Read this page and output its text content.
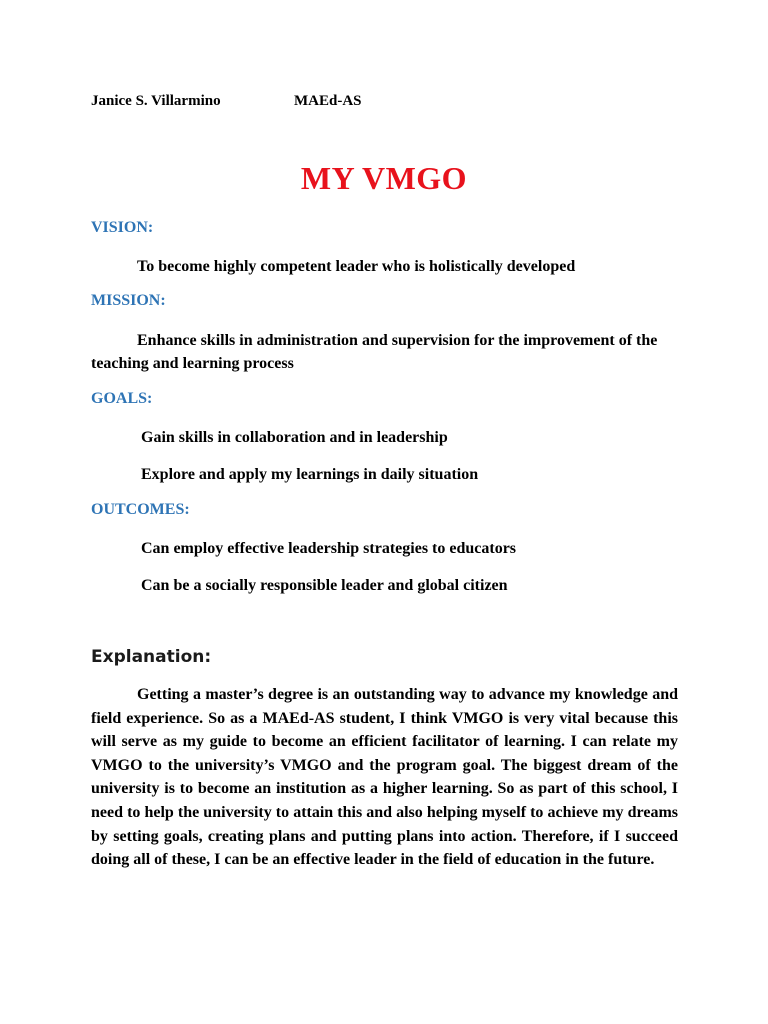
Janice S. Villarmino	MAEd-AS
MY VMGO
VISION:
To become highly competent leader who is holistically developed
MISSION:
Enhance skills in administration and supervision for the improvement of the teaching and learning process
GOALS:
Gain skills in collaboration and in leadership
Explore and apply my learnings in daily situation
OUTCOMES:
Can employ effective leadership strategies to educators
Can be a socially responsible leader and global citizen
Explanation:
Getting a master’s degree is an outstanding way to advance my knowledge and field experience. So as a MAEd-AS student, I think VMGO is very vital because this will serve as my guide to become an efficient facilitator of learning. I can relate my VMGO to the university’s VMGO and the program goal. The biggest dream of the university is to become an institution as a higher learning. So as part of this school, I need to help the university to attain this and also helping myself to achieve my dreams by setting goals, creating plans and putting plans into action. Therefore, if I succeed doing all of these, I can be an effective leader in the field of education in the future.
